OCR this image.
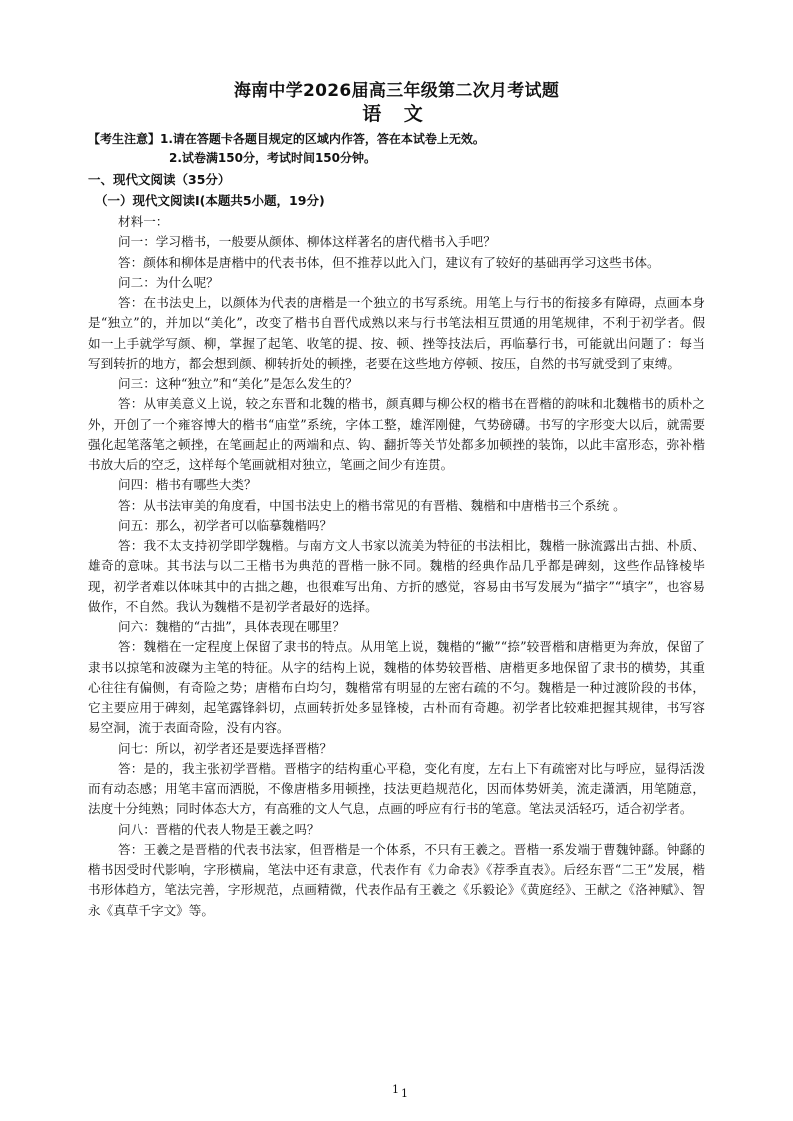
海南中学2026届高三年级第二次月考试题
语 文
【考生注意】1.请在答题卡各题目规定的区域内作答，答在本试卷上无效。
2.试卷满150分，考试时间150分钟。
一、现代文阅读（35分）
（一）现代文阅读Ⅰ(本题共5小题，19分)

材料一：

问一：学习楷书，一般要从颜体、柳体这样著名的唐代楷书入手吧？

答：颜体和柳体是唐楷中的代表书体，但不推荐以此入门，建议有了较好的基础再学习这些书体。

问二：为什么呢？

答：在书法史上，以颜体为代表的唐楷是一个独立的书写系统。用笔上与行书的衔接多有障碍，点画本身是“独立”的，并加以“美化”，改变了楷书自晋代成熟以来与行书笔法相互贯通的用笔规律，不利于初学者。假如一上手就学写颜、柳，掌握了起笔、收笔的提、按、顿、挫等技法后，再临摹行书，可能就出问题了：每当写到转折的地方，都会想到颜、柳转折处的顿挫，老要在这些地方停顿、按压，自然的书写就受到了束缚。

问三：这种“独立”和“美化”是怎么发生的？

答：从审美意义上说，较之东晋和北魏的楷书，颜真卿与柳公权的楷书在晋楷的韵味和北魏楷书的质朴之外，开创了一个雍容博大的楷书“庙堂”系统，字体工整，雄浑刚健，气势磅礴。书写的字形变大以后，就需要强化起笔落笔之顿挫，在笔画起止的两端和点、钩、翻折等关节处都多加顿挫的装饰，以此丰富形态，弥补楷书放大后的空乏，这样每个笔画就相对独立，笔画之间少有连贯。

问四：楷书有哪些大类？

答：从书法审美的角度看，中国书法史上的楷书常见的有晋楷、魏楷和中唐楷书三个系统 。

问五：那么，初学者可以临摹魏楷吗？

答：我不太支持初学即学魏楷。与南方文人书家以流美为特征的书法相比，魏楷一脉流露出古拙、朴质、雄奇的意味。其书法与以二王楷书为典范的晋楷一脉不同。魏楷的经典作品几乎都是碑刻，这些作品锋棱毕现，初学者难以体味其中的古拙之趣，也很难写出角、方折的感觉，容易由书写发展为“描字”“填字”，也容易做作，不自然。我认为魏楷不是初学者最好的选择。

问六：魏楷的“古拙”，具体表现在哪里？

答：魏楷在一定程度上保留了隶书的特点。从用笔上说，魏楷的“撇”“捺”较晋楷和唐楷更为奔放，保留了隶书以掠笔和波磔为主笔的特征。从字的结构上说，魏楷的体势较晋楷、唐楷更多地保留了隶书的横势，其重心往往有偏侧，有奇险之势；唐楷布白均匀，魏楷常有明显的左密右疏的不匀。魏楷是一种过渡阶段的书体，它主要应用于碑刻，起笔露锋斜切，点画转折处多显锋棱，古朴而有奇趣。初学者比较难把握其规律，书写容易空洞，流于表面奇险，没有内容。

问七：所以，初学者还是要选择晋楷？

答：是的，我主张初学晋楷。晋楷字的结构重心平稳，变化有度，左右上下有疏密对比与呼应，显得活泼而有动态感；用笔丰富而洒脱，不像唐楷多用顿挫，技法更趋规范化，因而体势妍美，流走潇洒，用笔随意，法度十分纯熟；同时体态大方，有高雅的文人气息，点画的呼应有行书的笔意。笔法灵活轻巧，适合初学者。

问八：晋楷的代表人物是王羲之吗？

答：王羲之是晋楷的代表书法家，但晋楷是一个体系，不只有王羲之。晋楷一系发端于曹魏钟繇。钟繇的楷书因受时代影响，字形横扁，笔法中还有隶意，代表作有《力命表》《荐季直表》。后经东晋“二王”发展，楷书形体趋方，笔法完善，字形规范，点画精微，代表作品有王羲之《乐毅论》《黄庭经》、王献之《洛神赋》、智永《真草千字文》等。

1 1
